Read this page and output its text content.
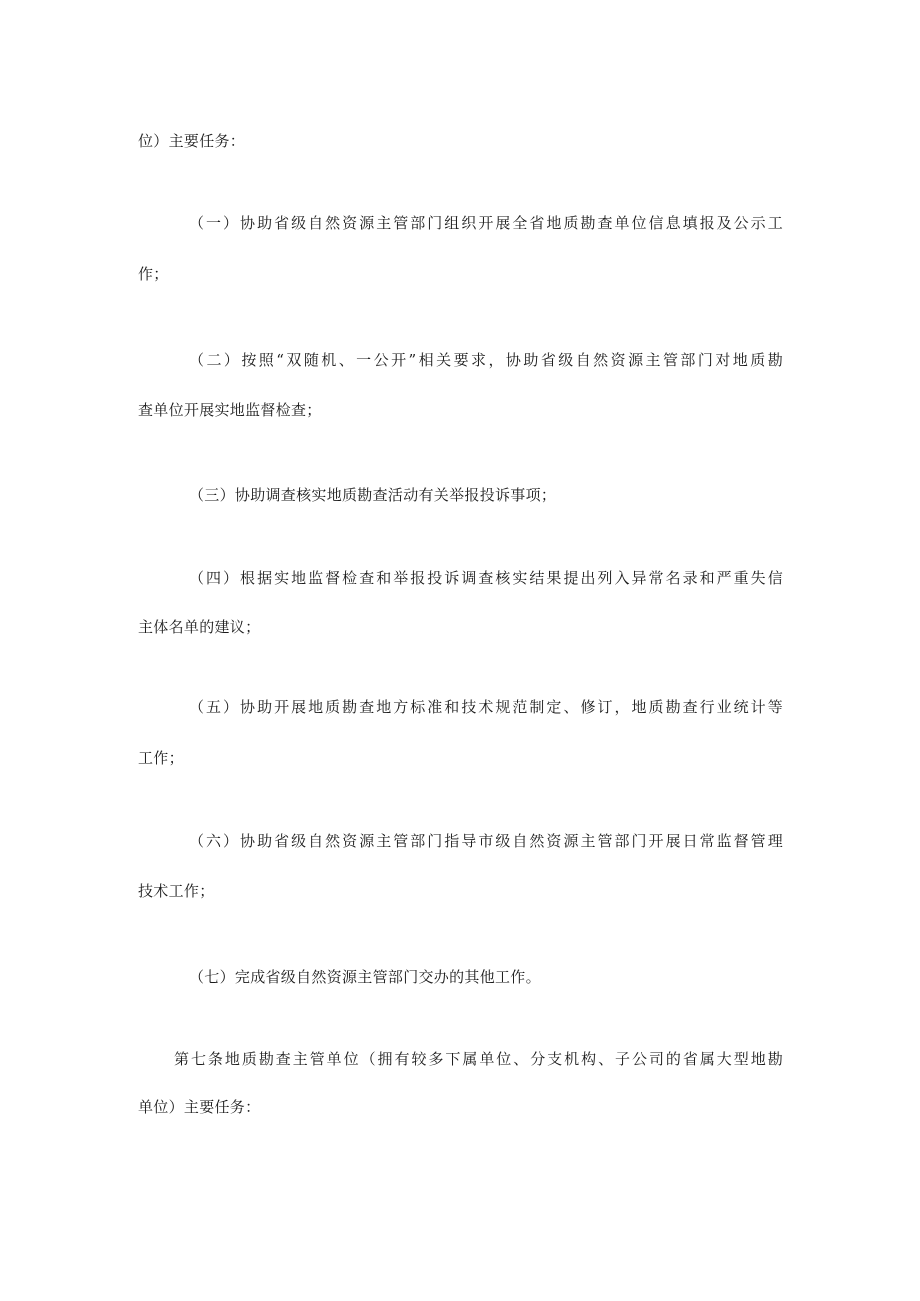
位）主要任务：
（一）协助省级自然资源主管部门组织开展全省地质勘查单位信息填报及公示工
作；
（二）按照“双随机、一公开”相关要求，协助省级自然资源主管部门对地质勘
查单位开展实地监督检查；
（三）协助调查核实地质勘查活动有关举报投诉事项；
（四）根据实地监督检查和举报投诉调查核实结果提出列入异常名录和严重失信
主体名单的建议；
（五）协助开展地质勘查地方标准和技术规范制定、修订，地质勘查行业统计等
工作；
（六）协助省级自然资源主管部门指导市级自然资源主管部门开展日常监督管理
技术工作；
（七）完成省级自然资源主管部门交办的其他工作。
第七条地质勘查主管单位（拥有较多下属单位、分支机构、子公司的省属大型地勘
单位）主要任务：
